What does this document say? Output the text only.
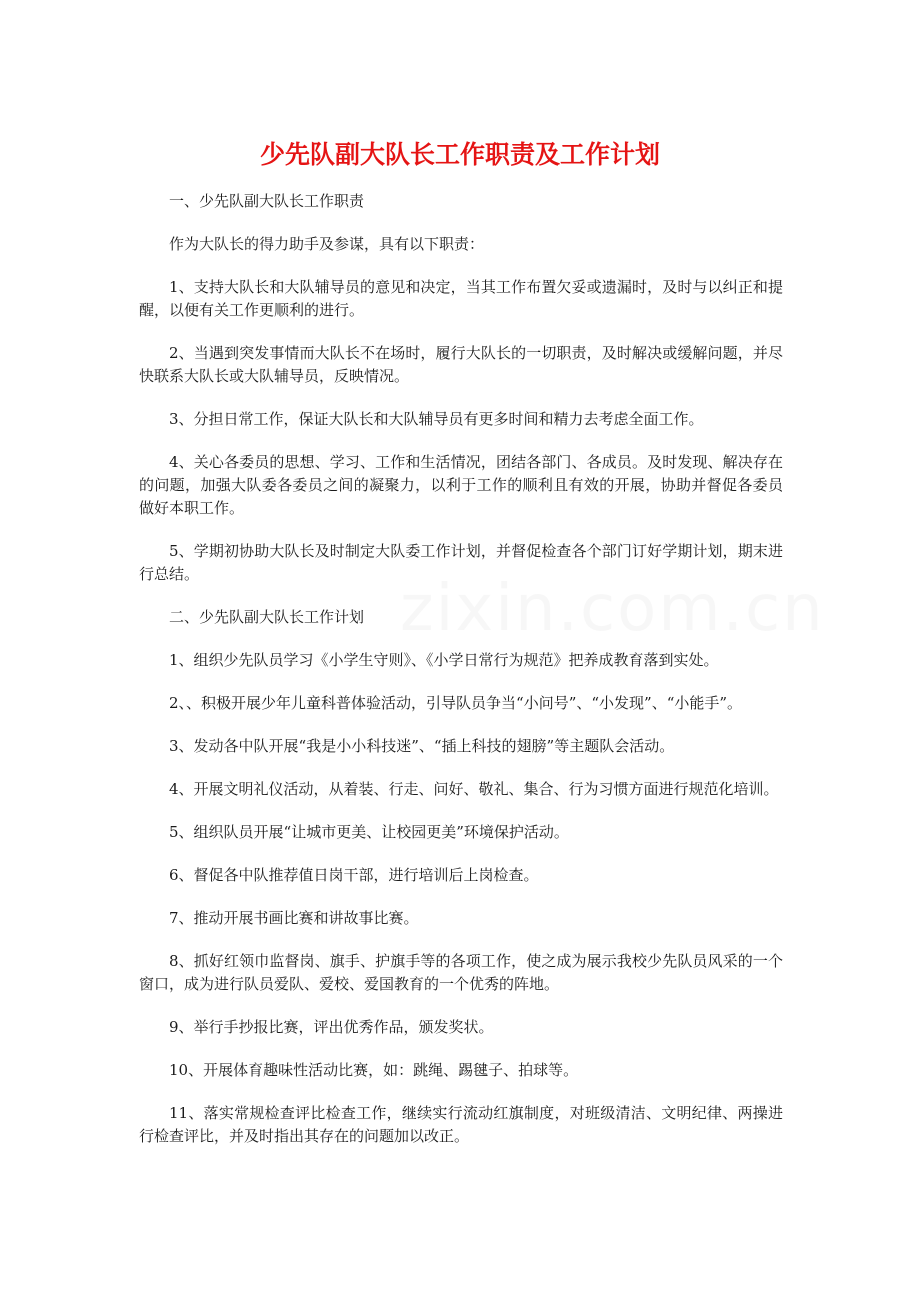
zixin.com.cn
少先队副大队长工作职责及工作计划

一、少先队副大队长工作职责

作为大队长的得力助手及参谋，具有以下职责：

1、支持大队长和大队辅导员的意见和决定，当其工作布置欠妥或遗漏时，及时与以纠正和提醒，以便有关工作更顺利的进行。

2、当遇到突发事情而大队长不在场时，履行大队长的一切职责，及时解决或缓解问题，并尽快联系大队长或大队辅导员，反映情况。

3、分担日常工作，保证大队长和大队辅导员有更多时间和精力去考虑全面工作。

4、关心各委员的思想、学习、工作和生活情况，团结各部门、各成员。及时发现、解决存在的问题，加强大队委各委员之间的凝聚力，以利于工作的顺利且有效的开展，协助并督促各委员做好本职工作。

5、学期初协助大队长及时制定大队委工作计划，并督促检查各个部门订好学期计划，期末进行总结。

二、少先队副大队长工作计划

1、组织少先队员学习《小学生守则》、《小学日常行为规范》把养成教育落到实处。

2、、积极开展少年儿童科普体验活动，引导队员争当“小问号”、“小发现”、“小能手”。

3、发动各中队开展“我是小小科技迷”、“插上科技的翅膀”等主题队会活动。

4、开展文明礼仪活动，从着装、行走、问好、敬礼、集合、行为习惯方面进行规范化培训。

5、组织队员开展“让城市更美、让校园更美”环境保护活动。

6、督促各中队推荐值日岗干部，进行培训后上岗检查。

7、推动开展书画比赛和讲故事比赛。

8、抓好红领巾监督岗、旗手、护旗手等的各项工作，使之成为展示我校少先队员风采的一个窗口，成为进行队员爱队、爱校、爱国教育的一个优秀的阵地。

9、举行手抄报比赛，评出优秀作品，颁发奖状。

10、开展体育趣味性活动比赛，如：跳绳、踢毽子、拍球等。

11、落实常规检查评比检查工作，继续实行流动红旗制度，对班级清洁、文明纪律、两操进行检查评比，并及时指出其存在的问题加以改正。
